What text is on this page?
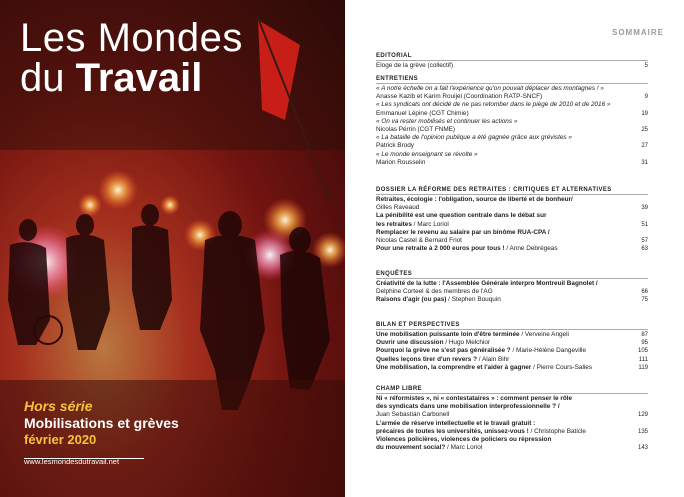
Les Mondes
du Travail
Hors série
Mobilisations et grèves
février 2020
www.lesmondesdutravail.net
SOMMAIRE
EDITORIAL
Eloge de la grève (collectif)	5
ENTRETIENS
« A notre échelle on a fait l'expérience qu'on pouvait déplacer des montagnes ! »
Anasse Kazib et Karim Rouijel (Coordination RATP-SNCF)	9
« Les syndicats ont décidé de ne pas retomber dans le piège de 2010 et de 2016 »
Emmanuel Lépine (CGT Chimie)	19
« On va rester mobilisés et continuer les actions »
Nicolas Pérrin (CGT FNME)	25
« La bataille de l'opinion publique a été gagnée grâce aux grévistes »
Patrick Brody	27
« Le monde enseignant se révolte »
Marion Rousselin	31
DOSSIER LA RÉFORME DES RETRAITES : CRITIQUES ET ALTERNATIVES
Retraites, écologie : l'obligation, source de liberté et de bonheur/
Gilles Raveaud	39
La pénibilité est une question centrale dans le débat sur
les retraites / Marc Loriol	51
Remplacer le revenu au salaire par un binôme RUA-CPA /
Nicolas Castel & Bernard Friot	57
Pour une retraite à 2 000 euros pour tous ! / Anne Debrégeas	63
ENQUÊTES
Créativité de la lutte : l'Assemblée Générale interpro Montreuil Bagnolet /
Delphine Corteel & des membres de l'AG	66
Raisons d'agir (ou pas) / Stephen Bouquin	75
BILAN ET PERSPECTIVES
Une mobilisation puissante loin d'être terminée / Verveine Angeli	87
Ouvrir une discussion / Hugo Melchior	95
Pourquoi la grève ne s'est pas généralisée ? / Marie-Hélène Dangeville	105
Quelles leçons tirer d'un revers ? / Alain Bihr	111
Une mobilisation, la comprendre et l'aider à gagner / Pierre Cours-Salies	119
CHAMP LIBRE
Ni « réformistes », ni « contestataires » : comment penser le rôle
des syndicats dans une mobilisation interprofessionnelle ? /
Juan Sebastián Carbonell	129
L'armée de réserve intellectuelle et le travail gratuit :
précaires de toutes les universités, unissez-vous ! / Christophe Baticle	135
Violences policières, violences de policiers ou répression
du mouvement social? / Marc Loriol	143
